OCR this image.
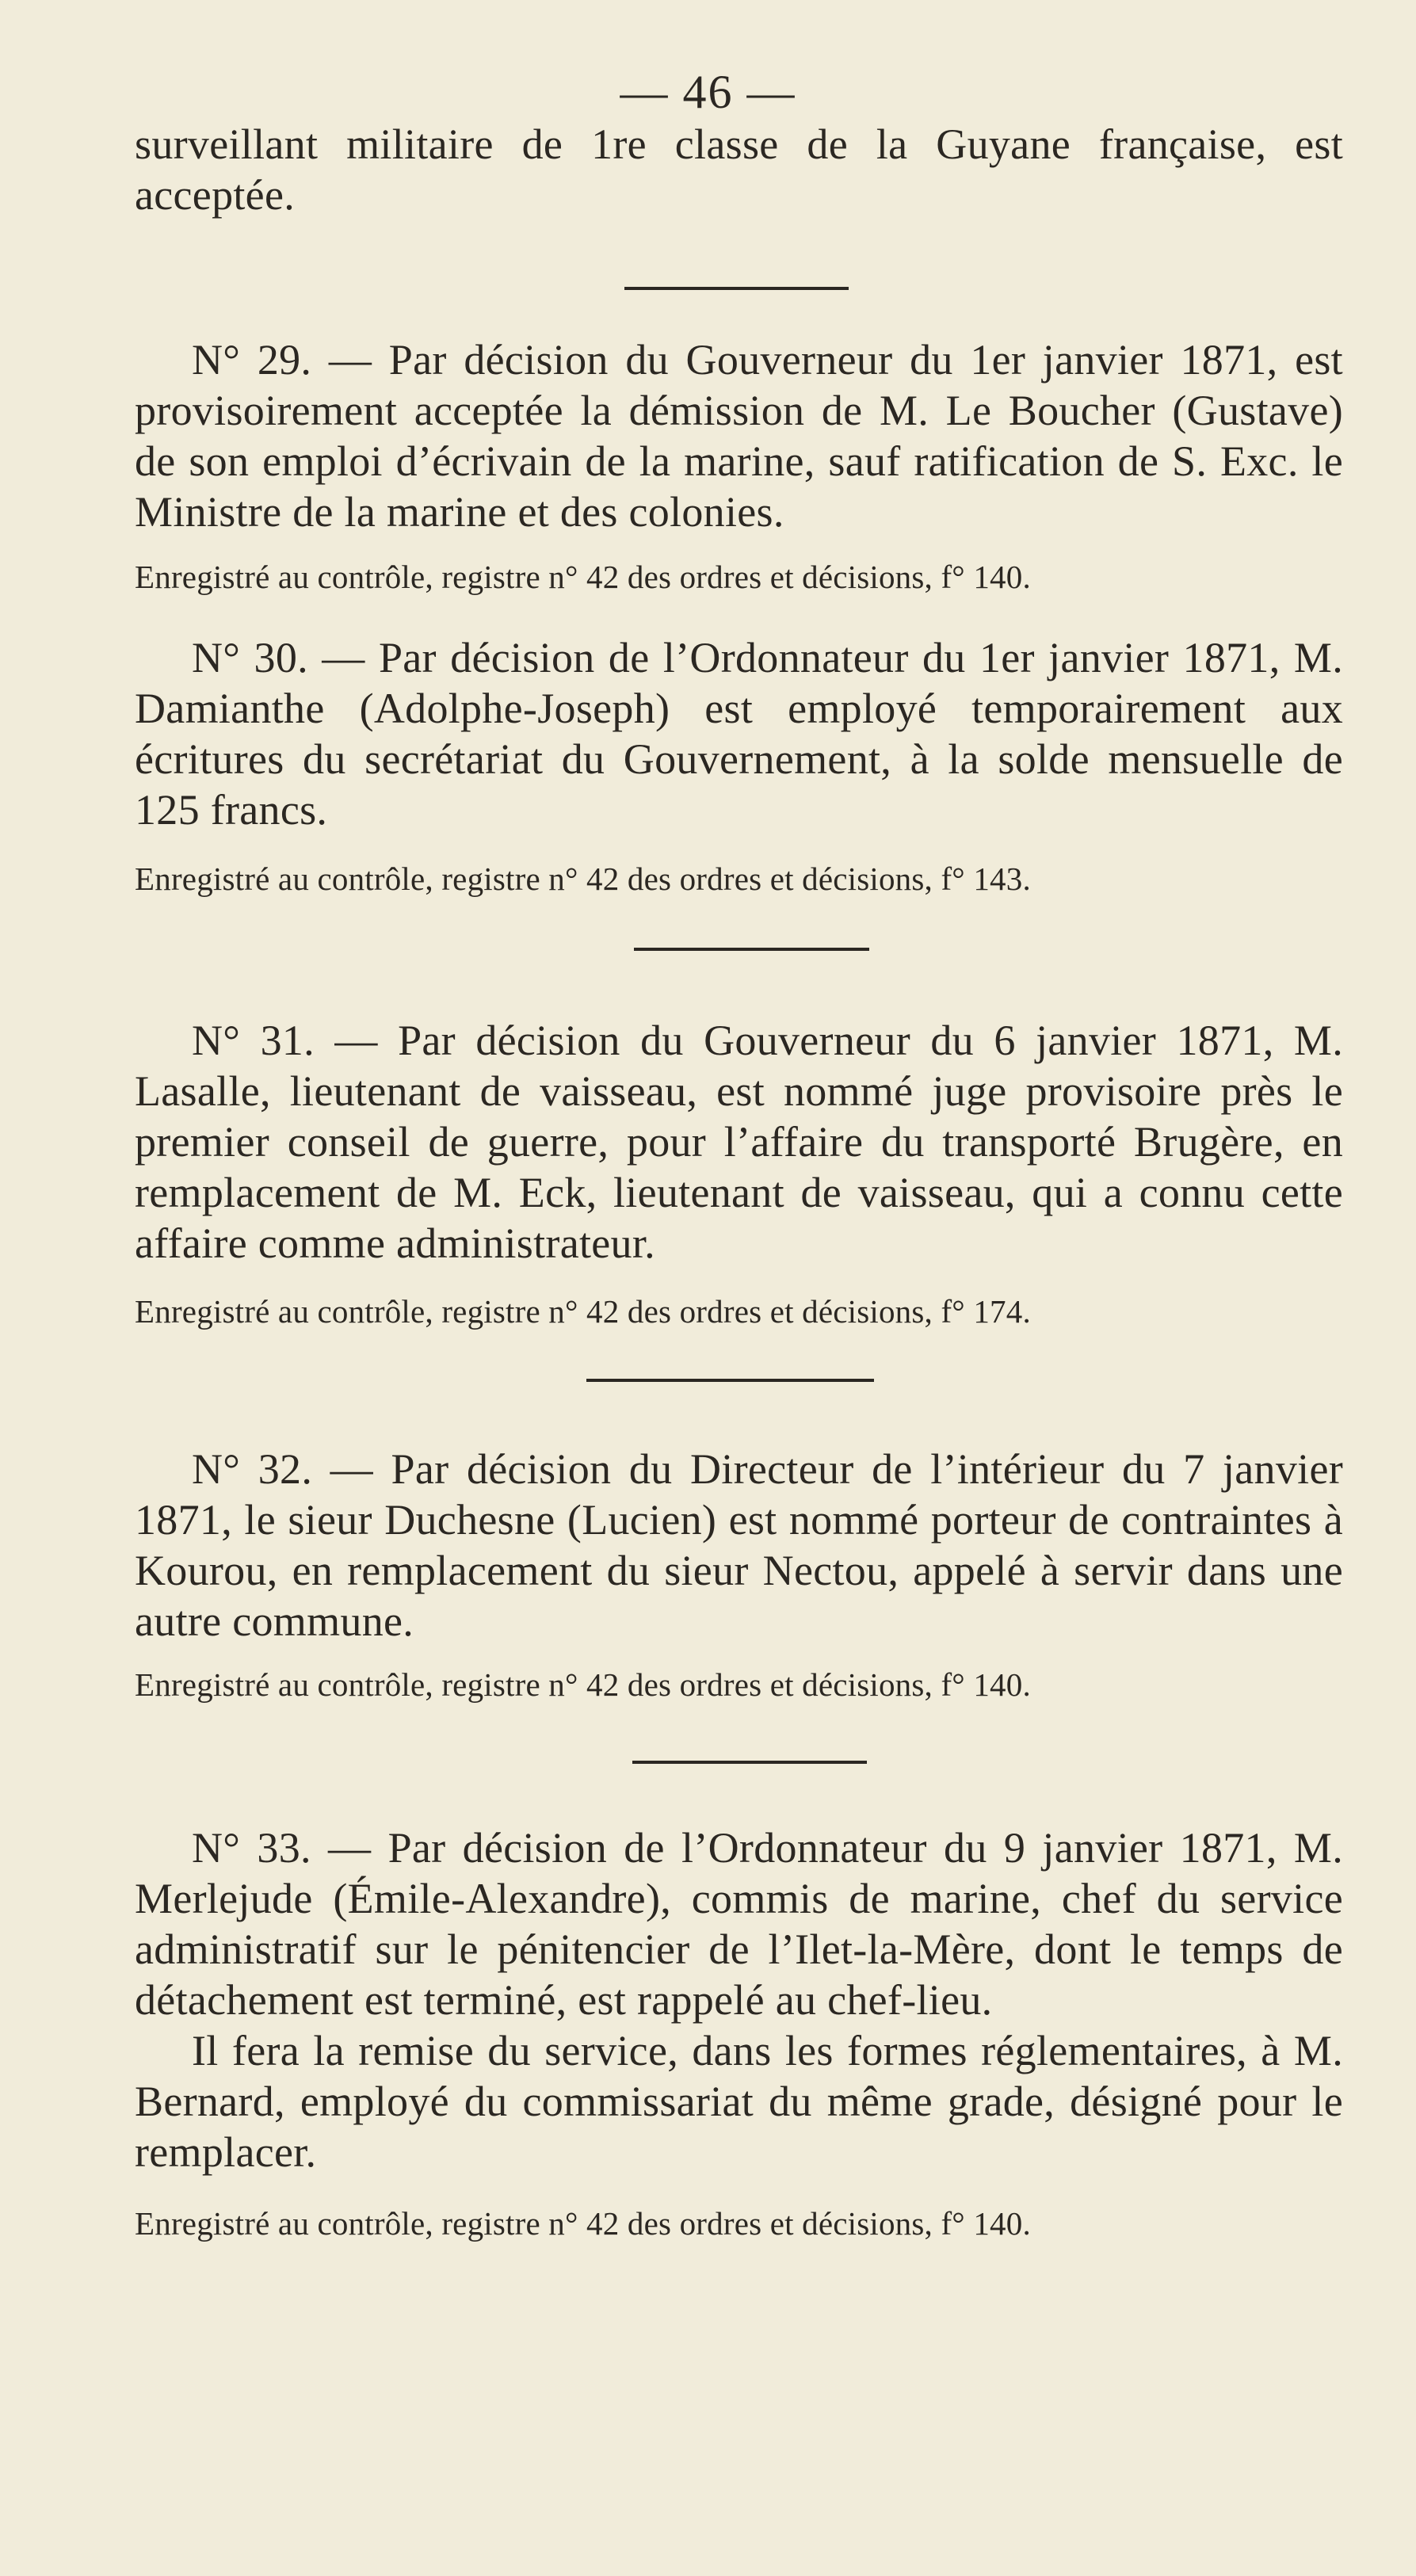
— 46 —

surveillant militaire de 1re classe de la Guyane française, est acceptée.

N° 29. — Par décision du Gouverneur du 1er janvier 1871, est provisoirement acceptée la démission de M. Le Boucher (Gustave) de son emploi d’écrivain de la marine, sauf ratification de S. Exc. le Ministre de la marine et des colonies.

Enregistré au contrôle, registre n° 42 des ordres et décisions, f° 140.

N° 30. — Par décision de l’Ordonnateur du 1er janvier 1871, M. Damianthe (Adolphe-Joseph) est employé temporairement aux écritures du secrétariat du Gouvernement, à la solde mensuelle de 125 francs.

Enregistré au contrôle, registre n° 42 des ordres et décisions, f° 143.

N° 31. — Par décision du Gouverneur du 6 janvier 1871, M. Lasalle, lieutenant de vaisseau, est nommé juge provisoire près le premier conseil de guerre, pour l’affaire du transporté Brugère, en remplacement de M. Eck, lieutenant de vaisseau, qui a connu cette affaire comme administrateur.

Enregistré au contrôle, registre n° 42 des ordres et décisions, f° 174.

N° 32. — Par décision du Directeur de l’intérieur du 7 janvier 1871, le sieur Duchesne (Lucien) est nommé porteur de contraintes à Kourou, en remplacement du sieur Nectou, appelé à servir dans une autre commune.

Enregistré au contrôle, registre n° 42 des ordres et décisions, f° 140.

N° 33. — Par décision de l’Ordonnateur du 9 janvier 1871, M. Merlejude (Émile-Alexandre), commis de marine, chef du service administratif sur le pénitencier de l’Ilet-la-Mère, dont le temps de détachement est terminé, est rappelé au chef-lieu.

Il fera la remise du service, dans les formes réglementaires, à M. Bernard, employé du commissariat du même grade, désigné pour le remplacer.

Enregistré au contrôle, registre n° 42 des ordres et décisions, f° 140.
